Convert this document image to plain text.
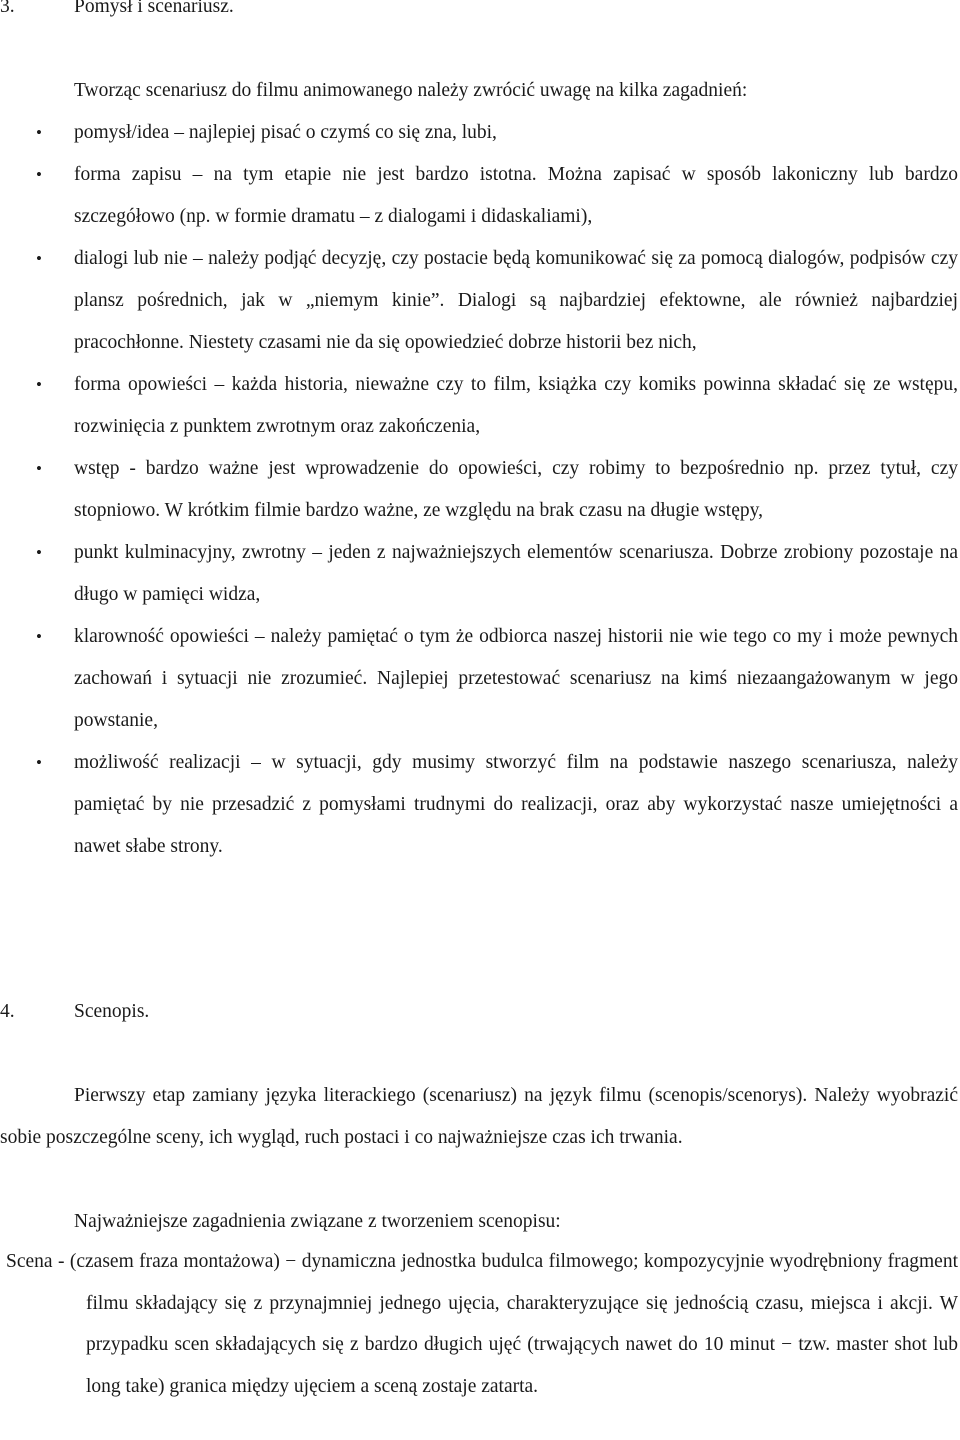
3.	Pomysł i scenariusz.
Tworząc scenariusz do filmu animowanego należy zwrócić uwagę na kilka zagadnień:
• pomysł/idea – najlepiej pisać o czymś co się zna, lubi,
• forma zapisu – na tym etapie nie jest bardzo istotna. Można zapisać w sposób lakoniczny lub bardzo szczegółowo (np. w formie dramatu – z dialogami i didaskaliami),
• dialogi lub nie – należy podjąć decyzję, czy postacie będą komunikować się za pomocą dialogów, podpisów czy plansz pośrednich, jak w „niemym kinie”. Dialogi są najbardziej efektowne, ale również najbardziej pracochłonne. Niestety czasami nie da się opowiedzieć dobrze historii bez nich,
• forma opowieści – każda historia, nieważne czy to film, książka czy komiks powinna składać się ze wstępu, rozwinięcia z punktem zwrotnym oraz zakończenia,
• wstęp - bardzo ważne jest wprowadzenie do opowieści, czy robimy to bezpośrednio np. przez tytuł, czy stopniowo. W krótkim filmie bardzo ważne, ze względu na brak czasu na długie wstępy,
• punkt kulminacyjny, zwrotny – jeden z najważniejszych elementów scenariusza. Dobrze zrobiony pozostaje na długo w pamięci widza,
• klarowność opowieści – należy pamiętać o tym że odbiorca naszej historii nie wie tego co my i może pewnych zachowań i sytuacji nie zrozumieć. Najlepiej przetestować scenariusz na kimś niezaangażowanym w jego powstanie,
• możliwość realizacji – w sytuacji, gdy musimy stworzyć film na podstawie naszego scenariusza, należy pamiętać by nie przesadzić z pomysłami trudnymi do realizacji, oraz aby wykorzystać nasze umiejętności a nawet słabe strony.
4.	Scenopis.
Pierwszy etap zamiany języka literackiego (scenariusz) na język filmu (scenopis/scenorys). Należy wyobrazić sobie poszczególne sceny, ich wygląd, ruch postaci i co najważniejsze czas ich trwania.
Najważniejsze zagadnienia związane z tworzeniem scenopisu:
Scena - (czasem fraza montażowa) − dynamiczna jednostka budulca filmowego; kompozycyjnie wyodrębniony fragment filmu składający się z przynajmniej jednego ujęcia, charakteryzujące się jednością czasu, miejsca i akcji. W przypadku scen składających się z bardzo długich ujęć (trwających nawet do 10 minut − tzw. master shot lub long take) granica między ujęciem a sceną zostaje zatarta.
